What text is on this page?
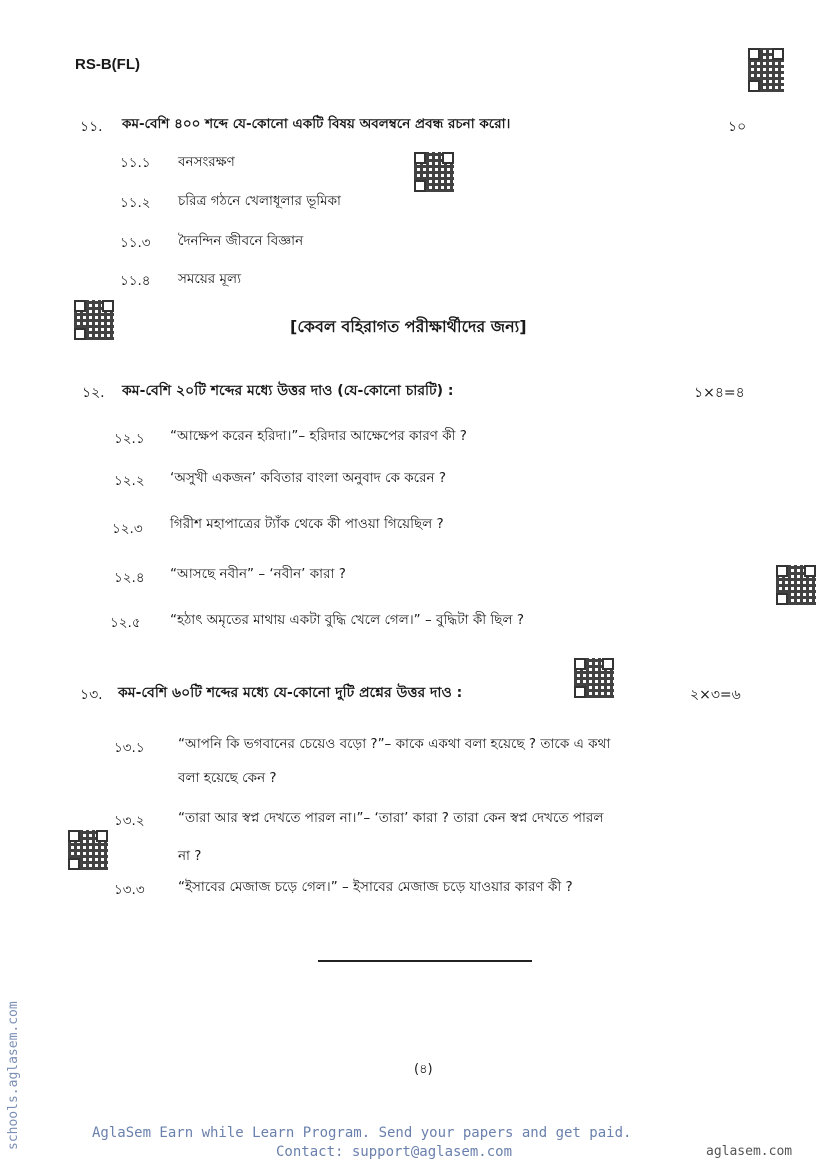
RS-B(FL)
১১. কম-বেশি ৪০০ শব্দে যে-কোনো একটি বিষয় অবলম্বনে প্রবন্ধ রচনা করো।	১০
১১.১ বনসংরক্ষণ
১১.২ চরিত্র গঠনে খেলাধূলার ভূমিকা
১১.৩ দৈনন্দিন জীবনে বিজ্ঞান
১১.৪ সময়ের মূল্য
[কেবল বহিরাগত পরীক্ষার্থীদের জন্য]
১২. কম-বেশি ২০টি শব্দের মধ্যে উত্তর দাও (যে-কোনো চারটি) :	১×৪=৪
১২.১ “আক্ষেপ করেন হরিদা।”– হরিদার আক্ষেপের কারণ কী ?
১২.২ ‘অসুখী একজন’ কবিতার বাংলা অনুবাদ কে করেন ?
১২.৩ গিরীশ মহাপাত্রের ট্যাঁক থেকে কী পাওয়া গিয়েছিল ?
১২.৪ “আসছে নবীন” – ‘নবীন’ কারা ?
১২.৫ “হঠাৎ অমৃতের মাথায় একটা বুদ্ধি খেলে গেল।” – বুদ্ধিটা কী ছিল ?
১৩. কম-বেশি ৬০টি শব্দের মধ্যে যে-কোনো দুটি প্রশ্নের উত্তর দাও :	২×৩=৬
১৩.১ “আপনি কি ভগবানের চেয়েও বড়ো ?”– কাকে একথা বলা হয়েছে ? তাকে এ কথা
বলা হয়েছে কেন ?
১৩.২ “তারা আর স্বপ্ন দেখতে পারল না।”– ‘তারা’ কারা ? তারা কেন স্বপ্ন দেখতে পারল
না ?
১৩.৩ “ইসাবের মেজাজ চড়ে গেল।” – ইসাবের মেজাজ চড়ে যাওয়ার কারণ কী ?
(৪)
schools.aglasem.com	AglaSem Earn while Learn Program. Send your papers and get paid.
Contact: support@aglasem.com	aglasem.com
